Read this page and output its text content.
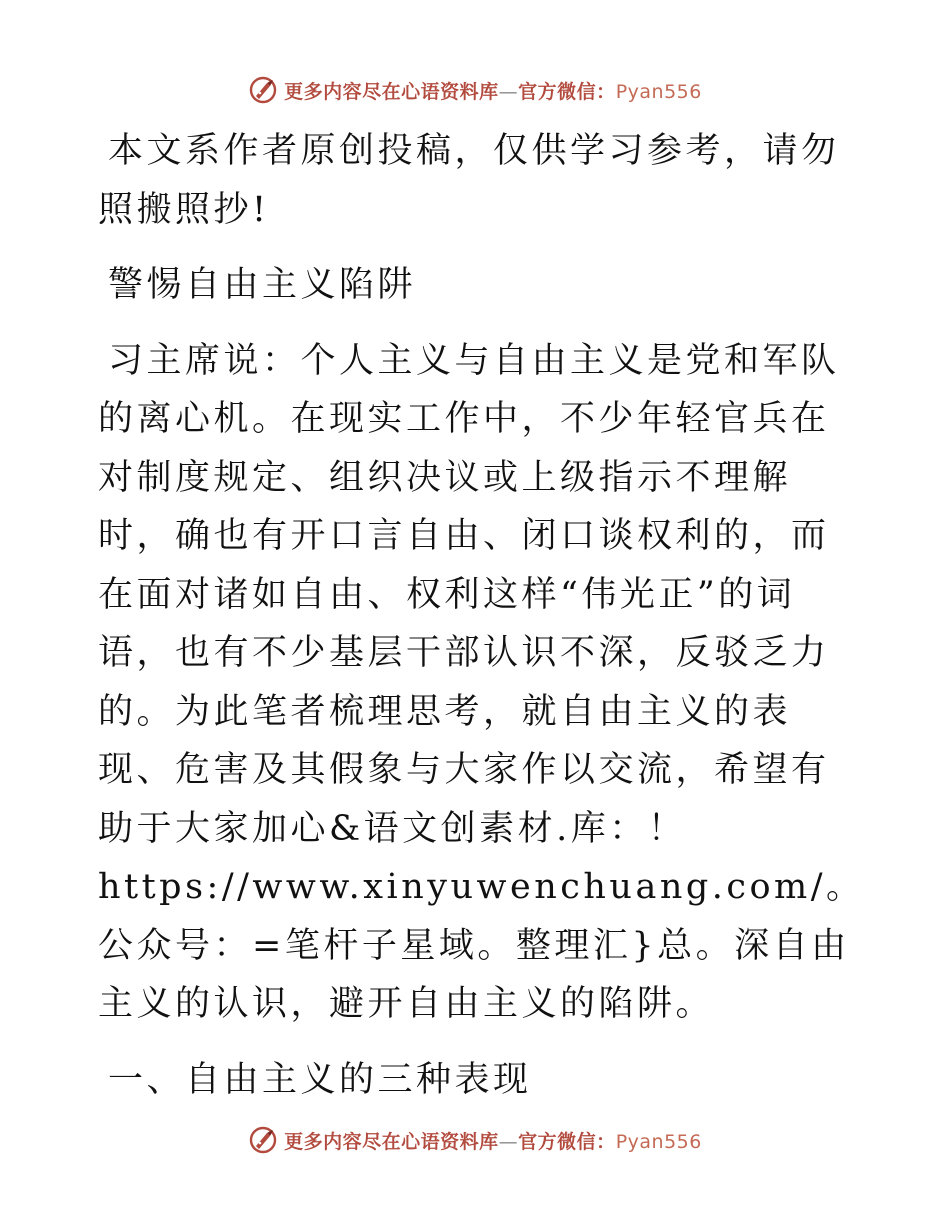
更多内容尽在心语资料库—官方微信：Pyan556

本文系作者原创投稿，仅供学习参考，请勿照搬照抄!

警惕自由主义陷阱

习主席说：个人主义与自由主义是党和军队的离心机。在现实工作中，不少年轻官兵在对制度规定、组织决议或上级指示不理解时，确也有开口言自由、闭口谈权利的，而在面对诸如自由、权利这样“伟光正”的词语，也有不少基层干部认识不深，反驳乏力的。为此笔者梳理思考，就自由主义的表现、危害及其假象与大家作以交流，希望有助于大家加心&语文创素材.库：！https://www.xinyuwenchuang.com/。公众号：=笔杆子星域。整理汇}总。深自由主义的认识，避开自由主义的陷阱。

一、自由主义的三种表现

更多内容尽在心语资料库—官方微信：Pyan556
